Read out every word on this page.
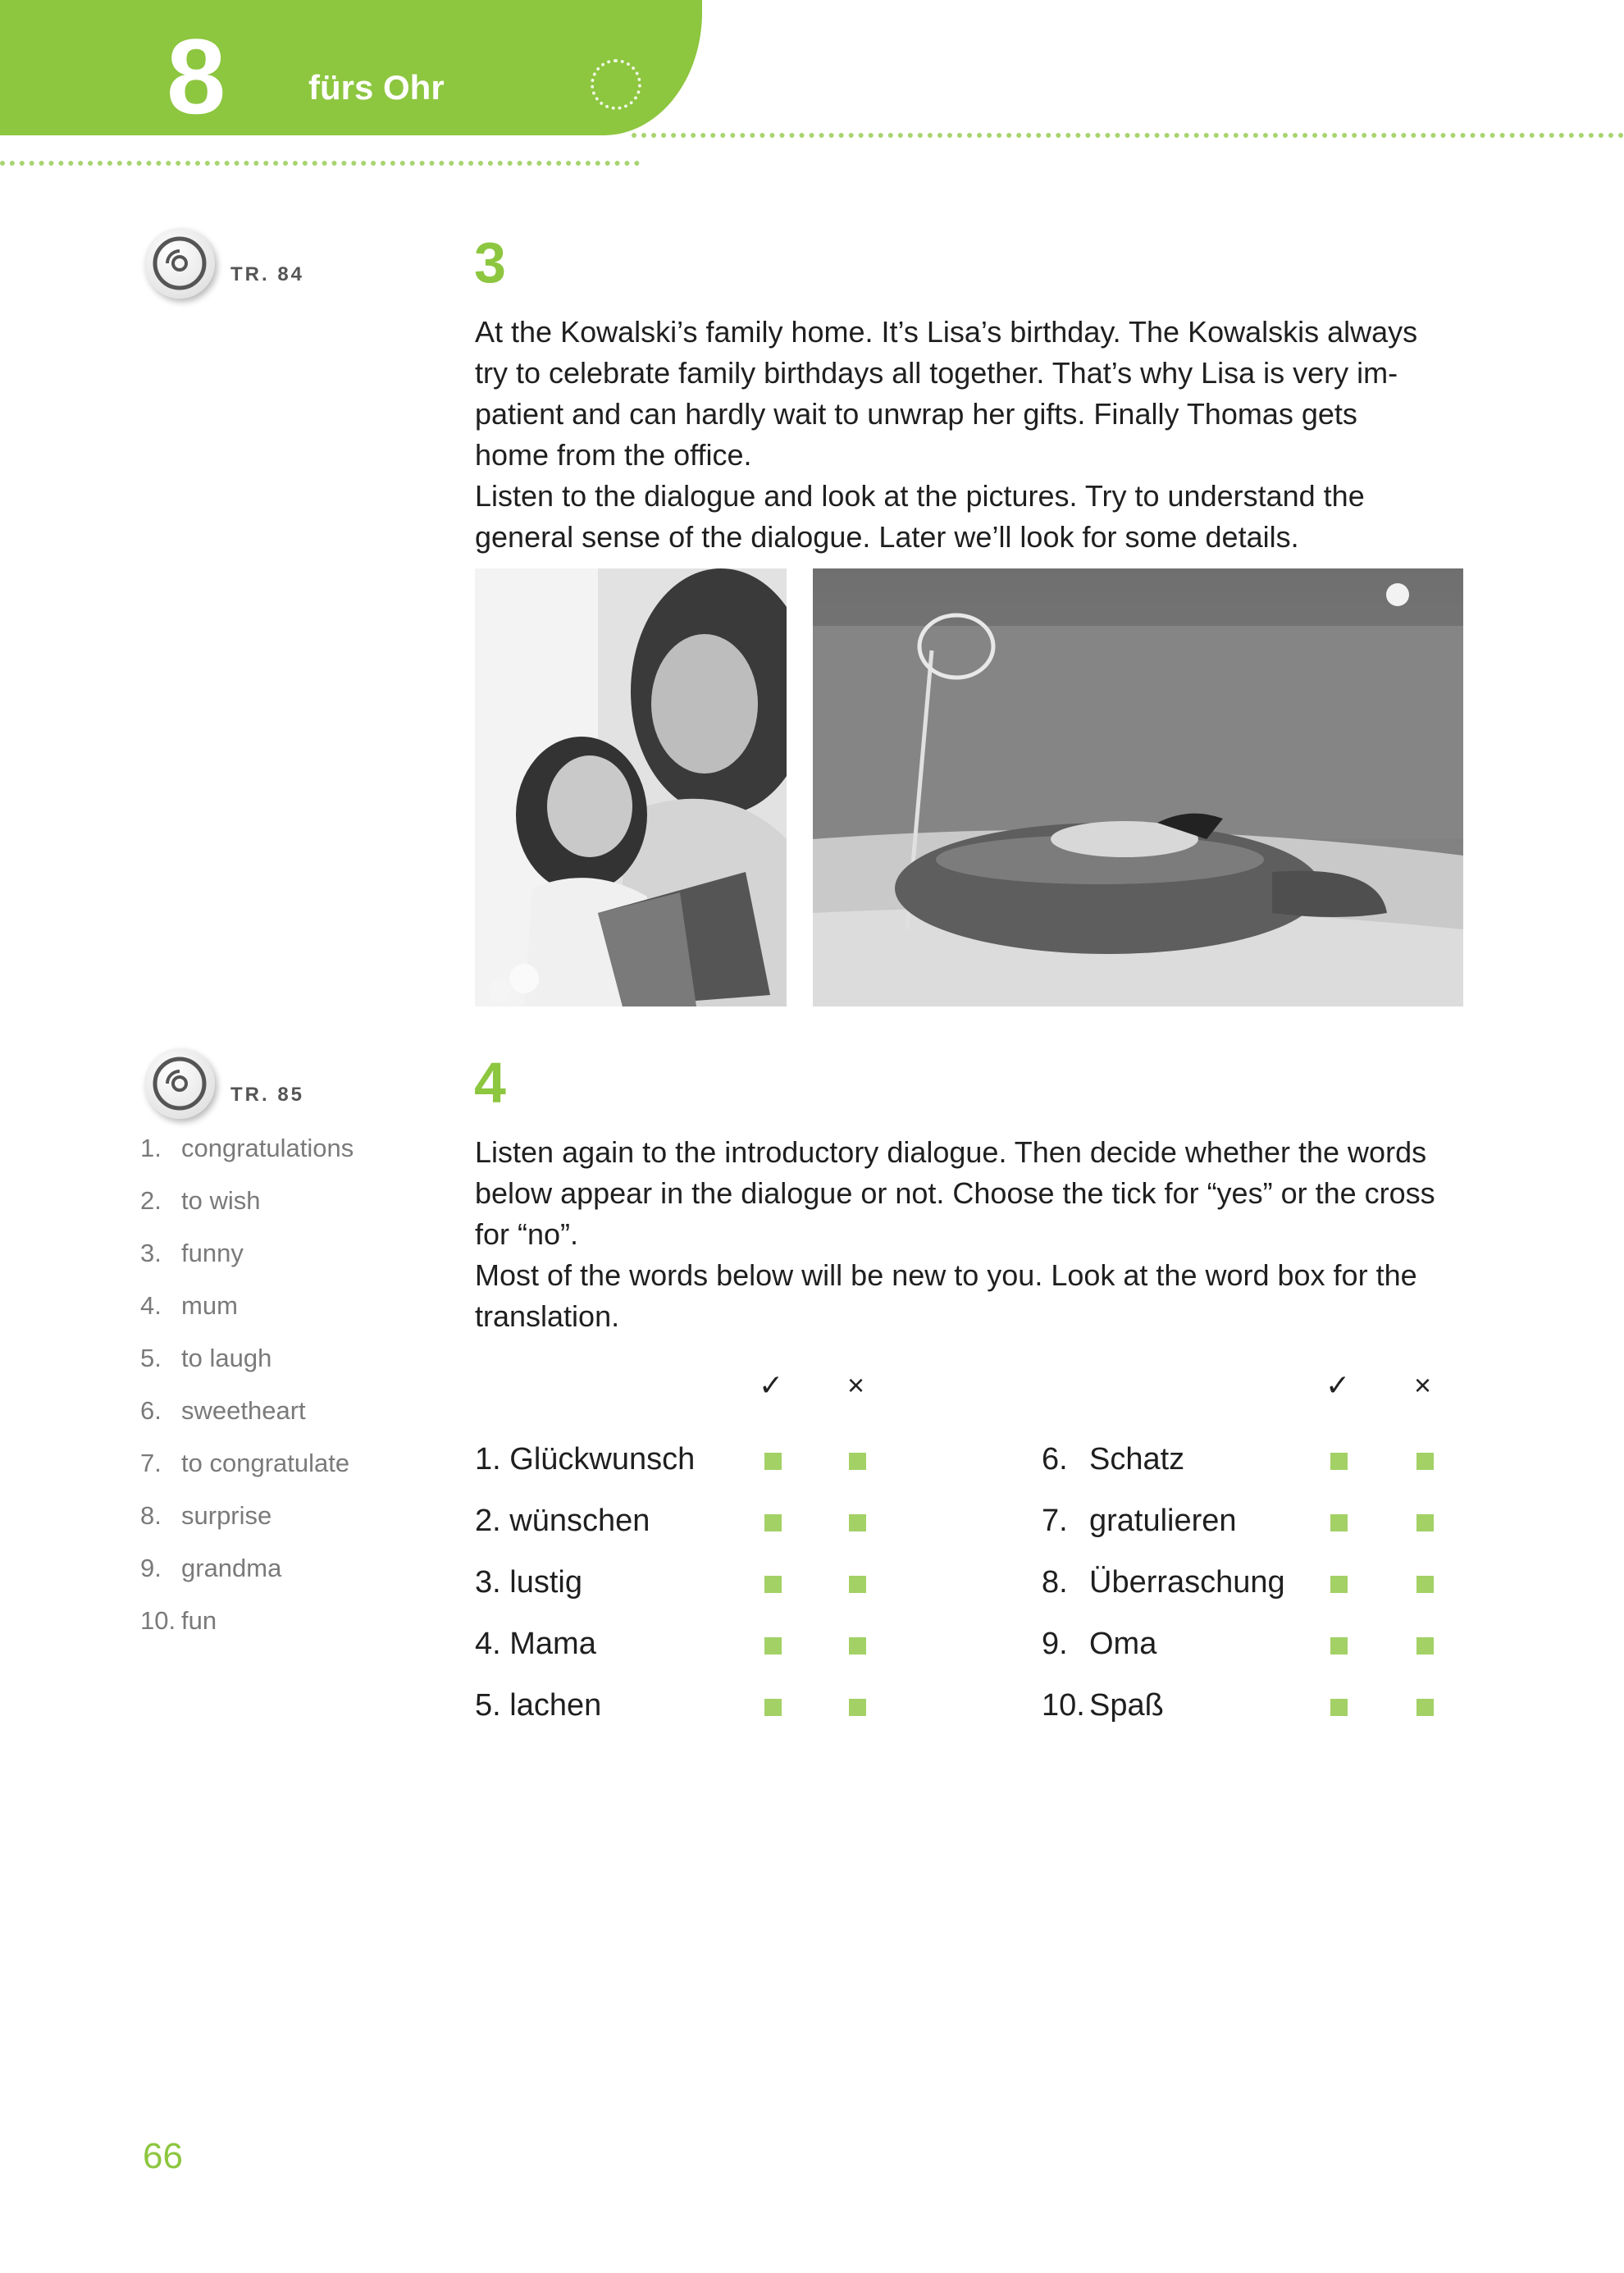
8 fürs Ohr
TR. 84	3

At the Kowalski’s family home. It’s Lisa’s birthday. The Kowalskis always

try to celebrate family birthdays all together. That’s why Lisa is very im-

patient and can hardly wait to unwrap her gifts. Finally Thomas gets

home from the office.

Listen to the dialogue and look at the pictures. Try to understand the

general sense of the dialogue. Later we’ll look for some details.

TR. 85	4

Listen again to the introductory dialogue. Then decide whether the words

below appear in the dialogue or not. Choose the tick for “yes” or the cross

for “no”.

Most of the words below will be new to you. Look at the word box for the

translation.

1. congratulations
2. to wish
3. funny
4. mum
5. to laugh
6. sweetheart
7. to congratulate
8. surprise
9. grandma
10. fun
✓ ×	✓ ×
1. Glückwunsch
2. wünschen
3. lustig
4. Mama
5. lachen
6. Schatz
7. gratulieren
8. Überraschung
9. Oma
10. Spaß
66
